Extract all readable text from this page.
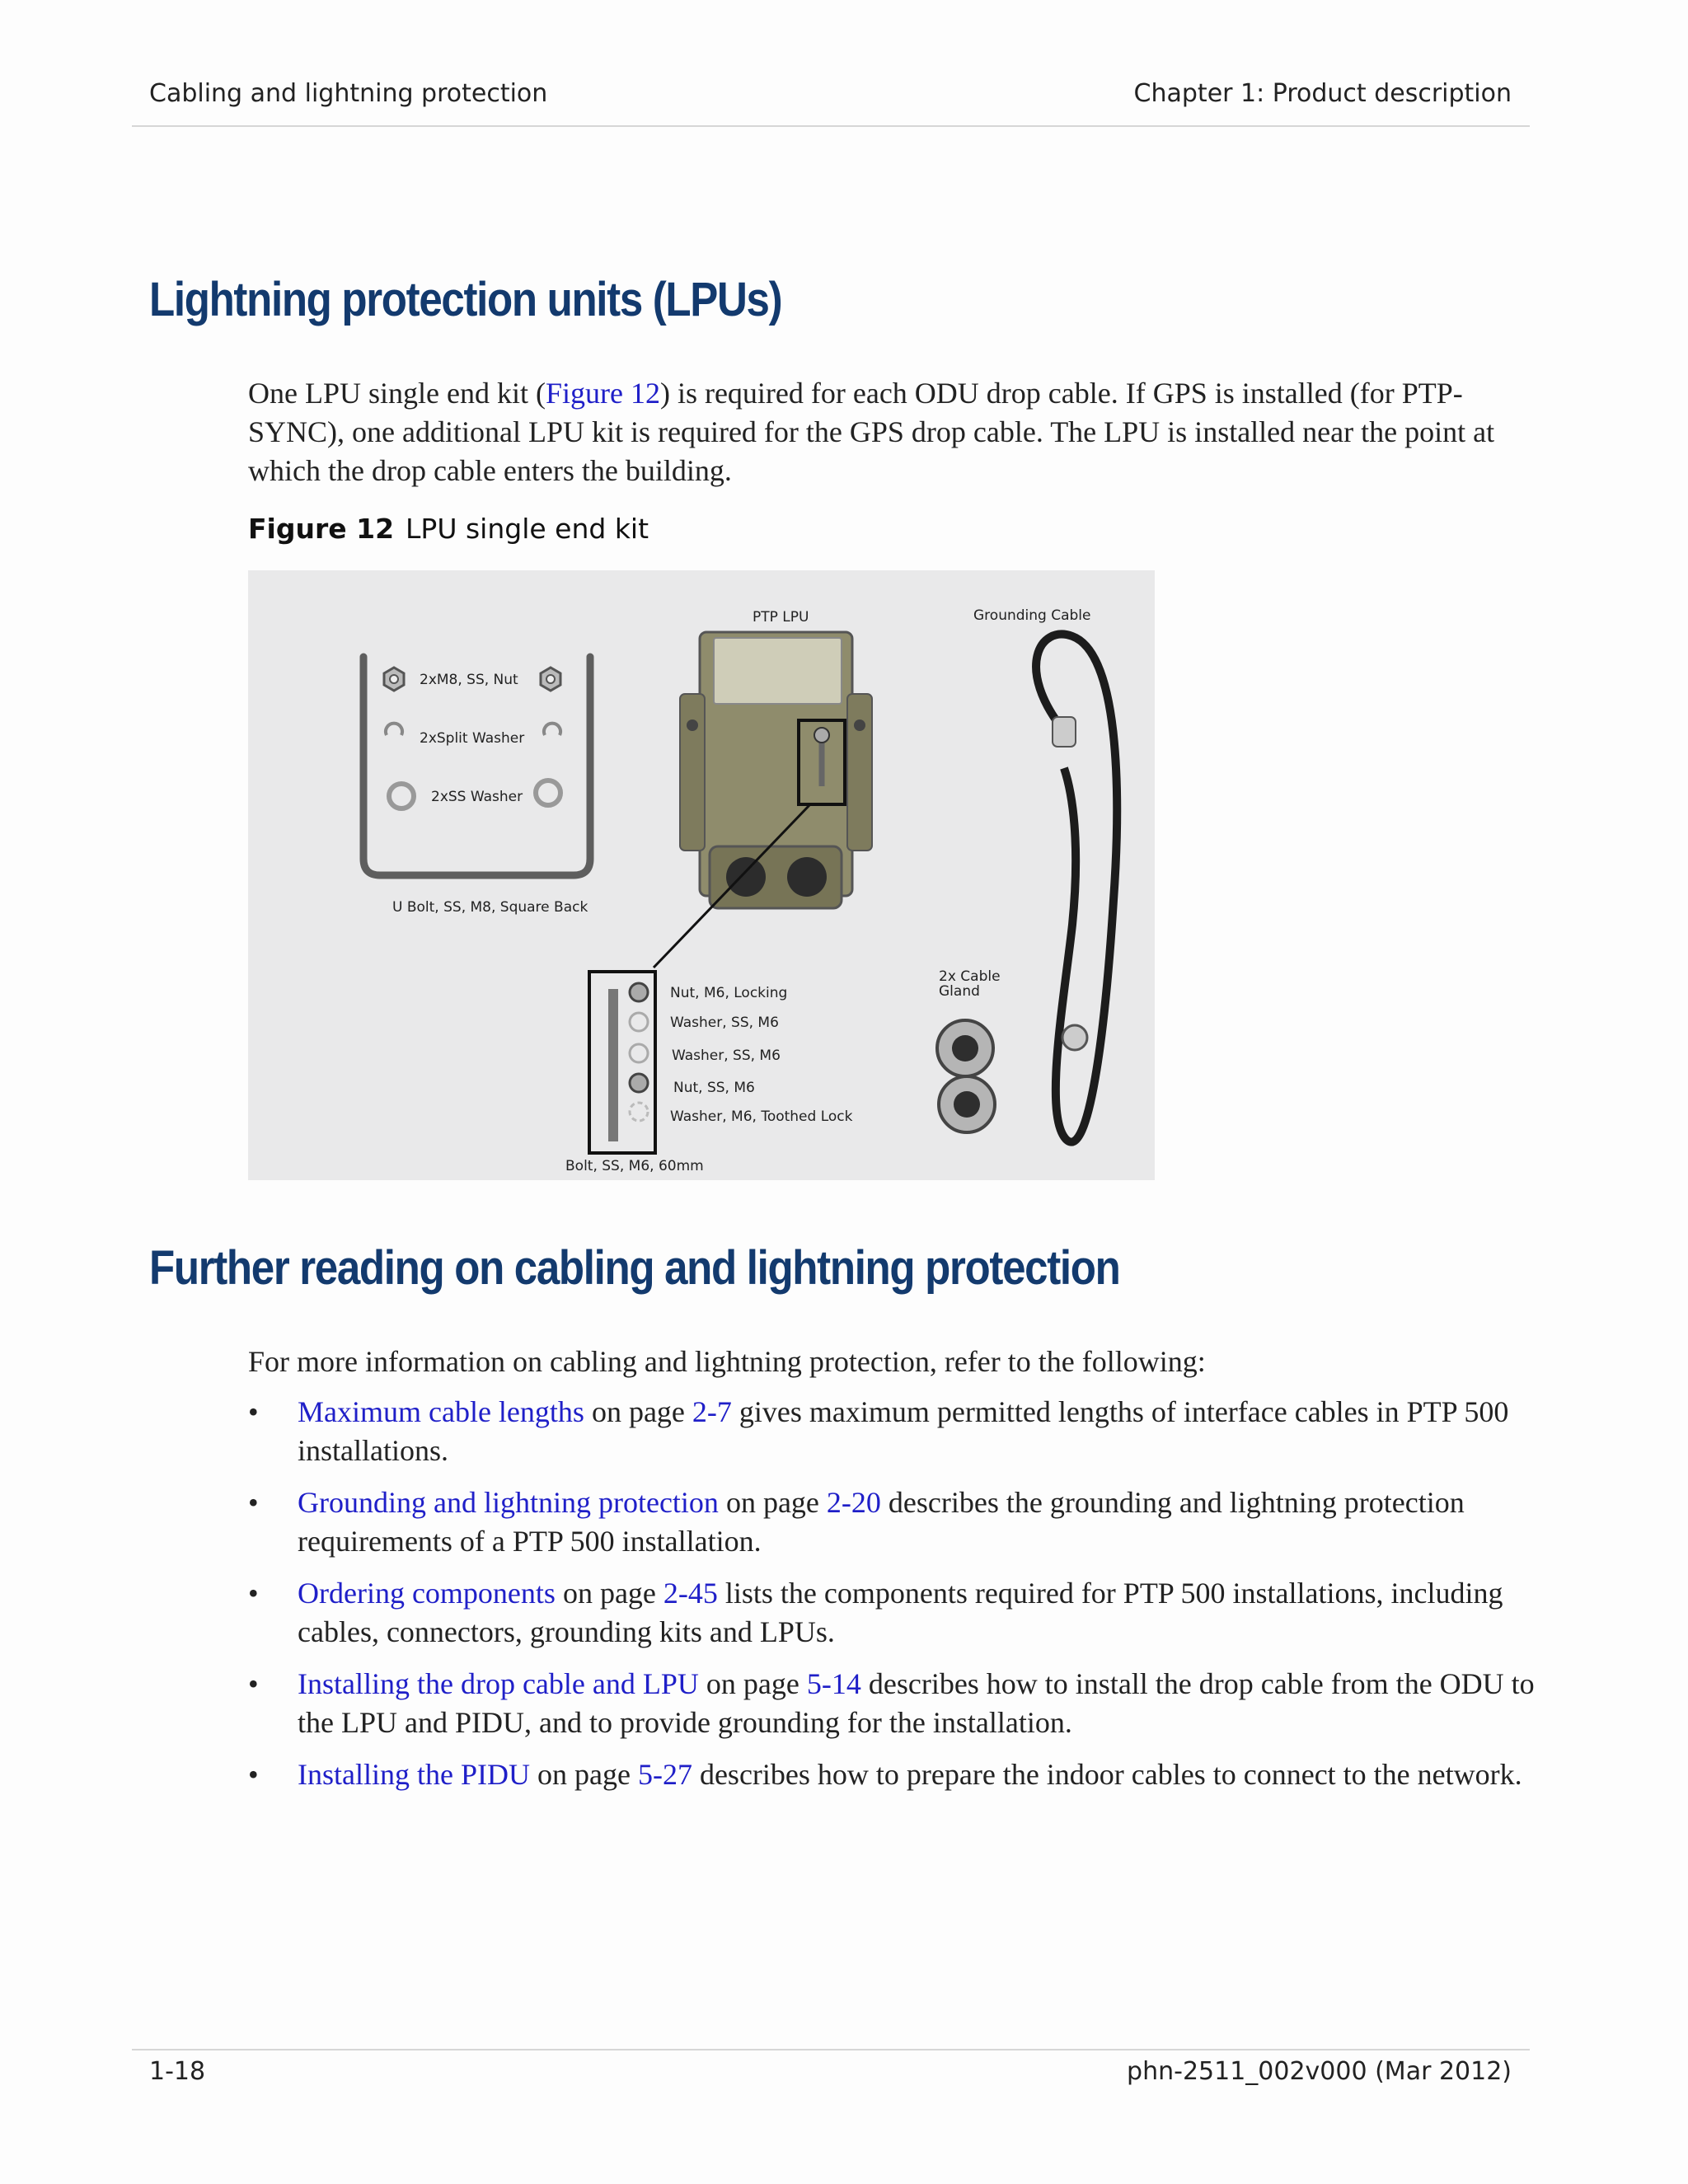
Cabling and lightning protection	Chapter 1: Product description
Lightning protection units (LPUs)

One LPU single end kit (Figure 12) is required for each ODU drop cable. If GPS is installed (for PTP-SYNC), one additional LPU kit is required for the GPS drop cable. The LPU is installed near the point at which the drop cable enters the building.

Figure 12 LPU single end kit
2xM8, SS, Nut
2xSplit Washer
2xSS Washer
U Bolt, SS, M8, Square Back
PTP LPU	Grounding Cable
Nut, M6, Locking
Washer, SS, M6
Washer, SS, M6
Nut, SS, M6
Washer, M6, Toothed Lock
Bolt, SS, M6, 60mm
2x Cable
Gland
Further reading on cabling and lightning protection

For more information on cabling and lightning protection, refer to the following:

• Maximum cable lengths on page 2-7 gives maximum permitted lengths of interface cables in PTP 500 installations.
• Grounding and lightning protection on page 2-20 describes the grounding and lightning protection requirements of a PTP 500 installation.
• Ordering components on page 2-45 lists the components required for PTP 500 installations, including cables, connectors, grounding kits and LPUs.
• Installing the drop cable and LPU on page 5-14 describes how to install the drop cable from the ODU to the LPU and PIDU, and to provide grounding for the installation.
• Installing the PIDU on page 5-27 describes how to prepare the indoor cables to connect to the network.
1-18	phn-2511_002v000 (Mar 2012)
